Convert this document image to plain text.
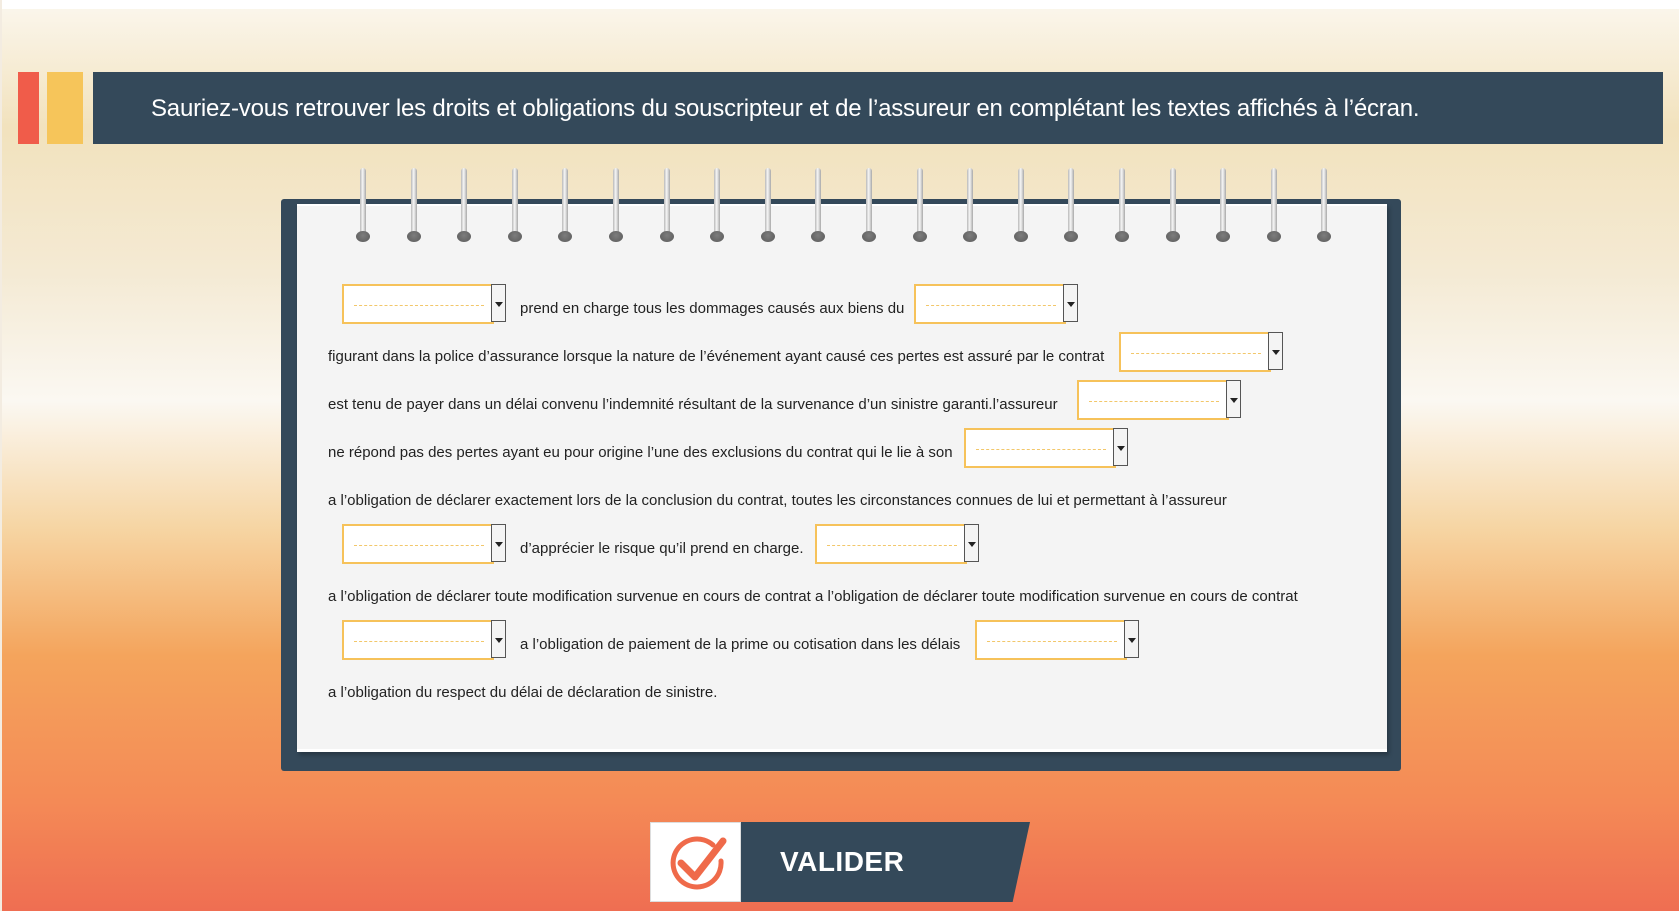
Sauriez-vous retrouver les droits et obligations du souscripteur et de l’assureur en complétant les textes affichés à l’écran.
prend en charge tous les dommages causés aux biens du
figurant dans la police d’assurance lorsque la nature de l’événement ayant causé ces pertes est assuré par le contrat
est tenu de payer dans un délai convenu l’indemnité résultant de la survenance d’un sinistre garanti.l’assureur
ne répond pas des pertes ayant eu pour origine l’une des exclusions du contrat qui le lie à son
a l’obligation de déclarer exactement lors de la conclusion du contrat, toutes les circonstances connues de lui et permettant à l’assureur
d’apprécier le risque qu’il prend en charge.
a l’obligation de déclarer toute modification survenue en cours de contrat a l’obligation de déclarer toute modification survenue en cours de contrat
a l’obligation de paiement de la prime ou cotisation dans les délais
a l’obligation du respect du délai de déclaration de sinistre.
VALIDER
